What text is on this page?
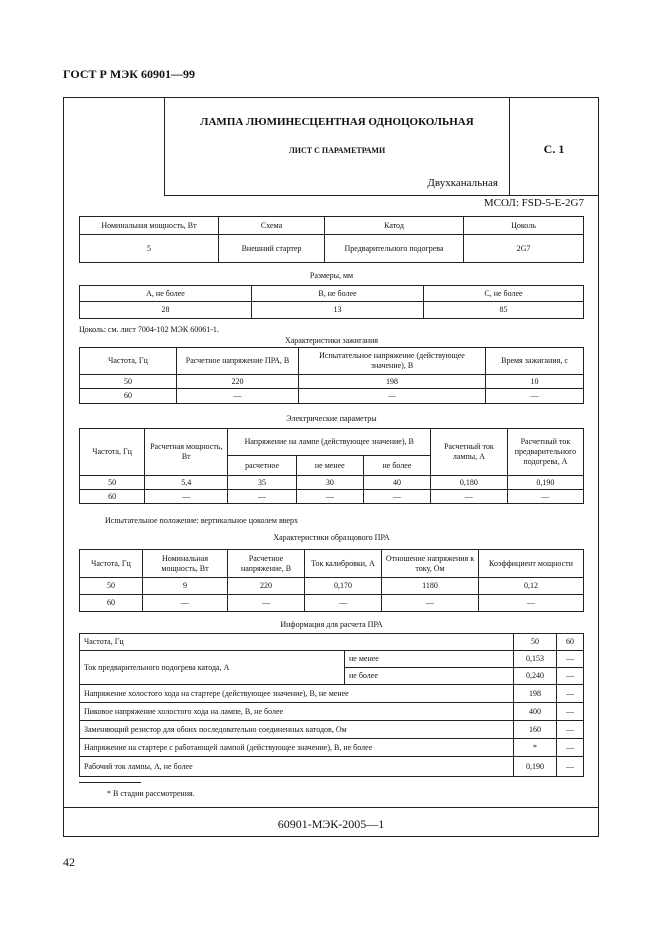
ГОСТ Р МЭК 60901—99
ЛАМПА ЛЮМИНЕСЦЕНТНАЯ ОДНОЦОКОЛЬНАЯ
ЛИСТ С ПАРАМЕТРАМИ	С. 1
Двухканальная
МСОЛ: FSD-5-E-2G7
Номинальная мощность, Вт	Схема	Катод	Цоколь
5	Внешний стартер	Предварительного подогрева	2G7
Размеры, мм
A, не более	B, не более	C, не более
28	13	85
Цоколь: см. лист 7004-102 МЭК 60061-1.
Характеристики зажигания
Частота, Гц	Расчетное напряжение ПРА, В	Испытательное напряжение (действующее значение), В	Время зажигания, с
50	220	198	10
60	—	—	—
Электрические параметры
Частота, Гц	Расчетная мощность, Вт	Напряжение на лампе (действующее значение), В			Расчетный ток лампы, А	Расчетный ток предварительного подогрева, А
		расчетное	не менее	не более		
50	5,4	35	30	40	0,180	0,190
60	—	—	—	—	—	—
Испытательное положение: вертикальное цоколем вверх
Характеристики образцового ПРА
Частота, Гц	Номинальная мощность, Вт	Расчетное напряжение, В	Ток калибровки, А	Отношение напряжения к току, Ом	Коэффициент мощности
50	9	220	0,170	1180	0,12
60	—	—	—	—	—
Информация для расчета ПРА
Частота, Гц		50	60
Ток предварительного подогрева катода, А	не менее	0,153	—
	не более	0,240	—
Напряжение холостого хода на стартере (действующее значение), В, не менее		198	—
Пиковое напряжение холостого хода на лампе, В, не более		400	—
Заменяющий резистор для обоих последовательно соединенных катодов, Ом		160	—
Напряжение на стартере с работающей лампой (действующее значение), В, не более		*	—
Рабочий ток лампы, А, не более		0,190	—
* В стадии рассмотрения.
60901-МЭК-2005—1
42
